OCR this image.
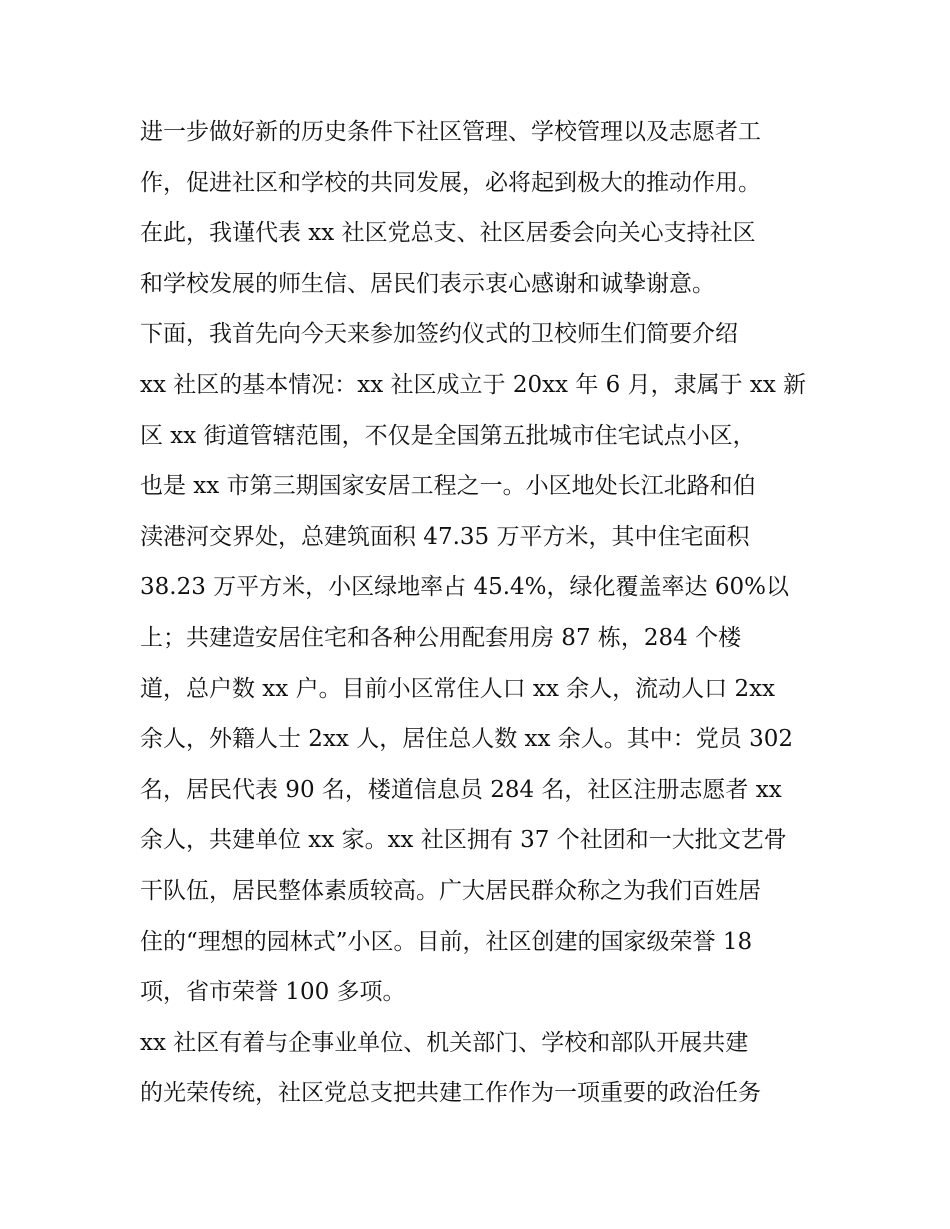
进一步做好新的历史条件下社区管理、学校管理以及志愿者工
作，促进社区和学校的共同发展，必将起到极大的推动作用。
在此，我谨代表 xx 社区党总支、社区居委会向关心支持社区
和学校发展的师生信、居民们表示衷心感谢和诚挚谢意。
下面，我首先向今天来参加签约仪式的卫校师生们简要介绍
xx 社区的基本情况：xx 社区成立于 20xx 年 6 月，隶属于 xx 新
区 xx 街道管辖范围，不仅是全国第五批城市住宅试点小区，
也是 xx 市第三期国家安居工程之一。小区地处长江北路和伯
渎港河交界处，总建筑面积 47.35 万平方米，其中住宅面积
38.23 万平方米，小区绿地率占 45.4%，绿化覆盖率达 60%以
上；共建造安居住宅和各种公用配套用房 87 栋，284 个楼
道，总户数 xx 户。目前小区常住人口 xx 余人，流动人口 2xx
余人，外籍人士 2xx 人，居住总人数 xx 余人。其中：党员 302
名，居民代表 90 名，楼道信息员 284 名，社区注册志愿者 xx
余人，共建单位 xx 家。xx 社区拥有 37 个社团和一大批文艺骨
干队伍，居民整体素质较高。广大居民群众称之为我们百姓居
住的“理想的园林式”小区。目前，社区创建的国家级荣誉 18
项，省市荣誉 100 多项。
xx 社区有着与企事业单位、机关部门、学校和部队开展共建
的光荣传统，社区党总支把共建工作作为一项重要的政治任务
